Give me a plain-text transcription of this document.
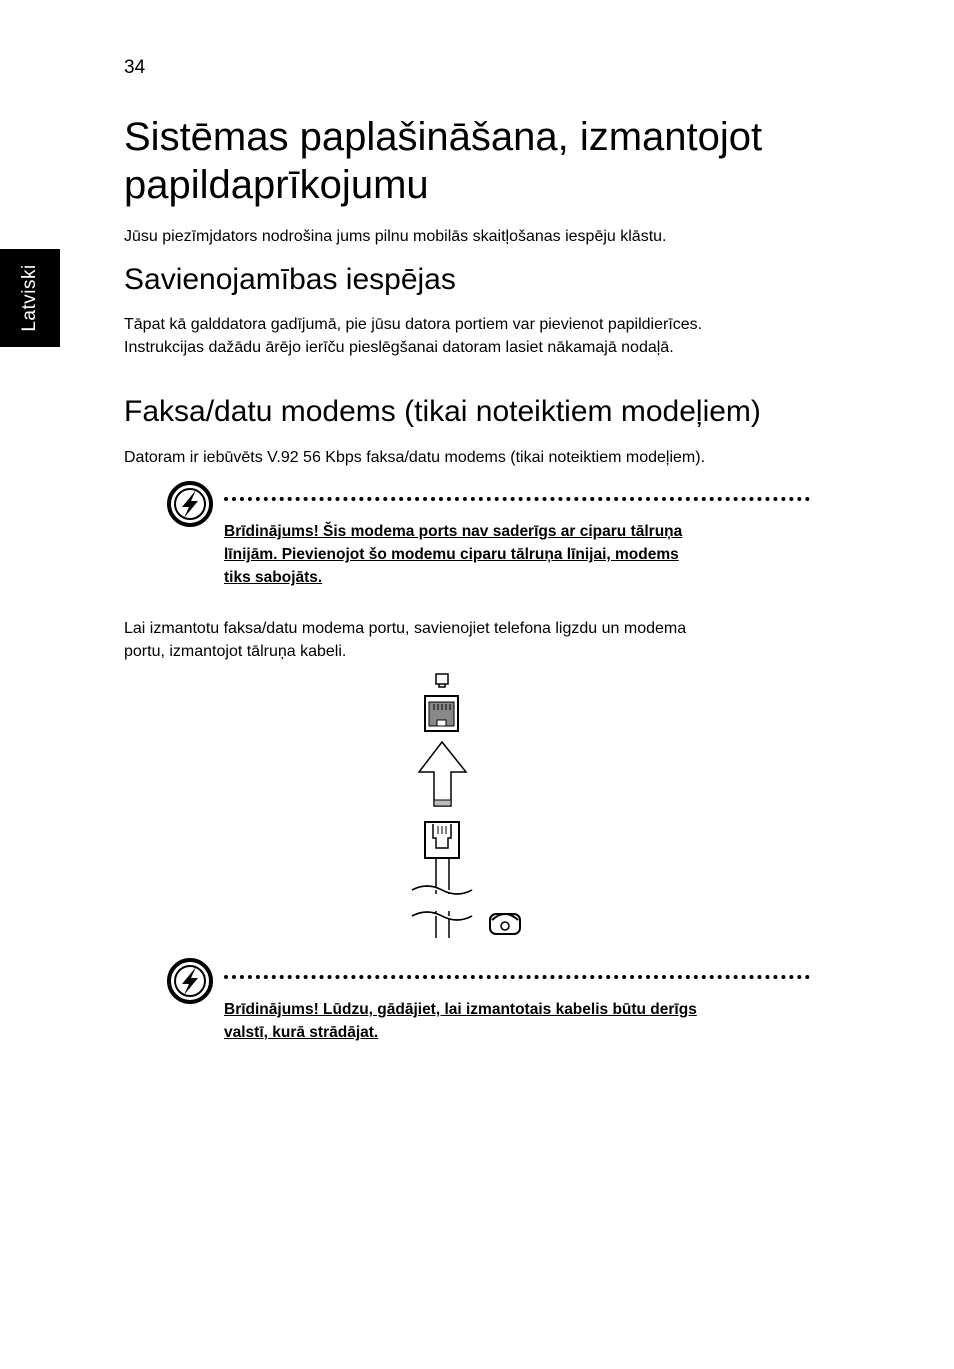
34
Latviski
Sistēmas paplašināšana, izmantojot papildaprīkojumu

Jūsu piezīmjdators nodrošina jums pilnu mobilās skaitļošanas iespēju klāstu.

Savienojamības iespējas
Tāpat kā galddatora gadījumā, pie jūsu datora portiem var pievienot papildierīces.
Instrukcijas dažādu ārējo ierīču pieslēgšanai datoram lasiet nākamajā nodaļā.
Faksa/datu modems (tikai noteiktiem modeļiem)

Datoram ir iebūvēts V.92 56 Kbps faksa/datu modems (tikai noteiktiem modeļiem).

Brīdinājums! Šis modema ports nav saderīgs ar ciparu tālruņa
līnijām. Pievienojot šo modemu ciparu tālruņa līnijai, modems
tiks sabojāts.
Lai izmantotu faksa/datu modema portu, savienojiet telefona ligzdu un modema
portu, izmantojot tālruņa kabeli.
Brīdinājums! Lūdzu, gādājiet, lai izmantotais kabelis būtu derīgs
valstī, kurā strādājat.
